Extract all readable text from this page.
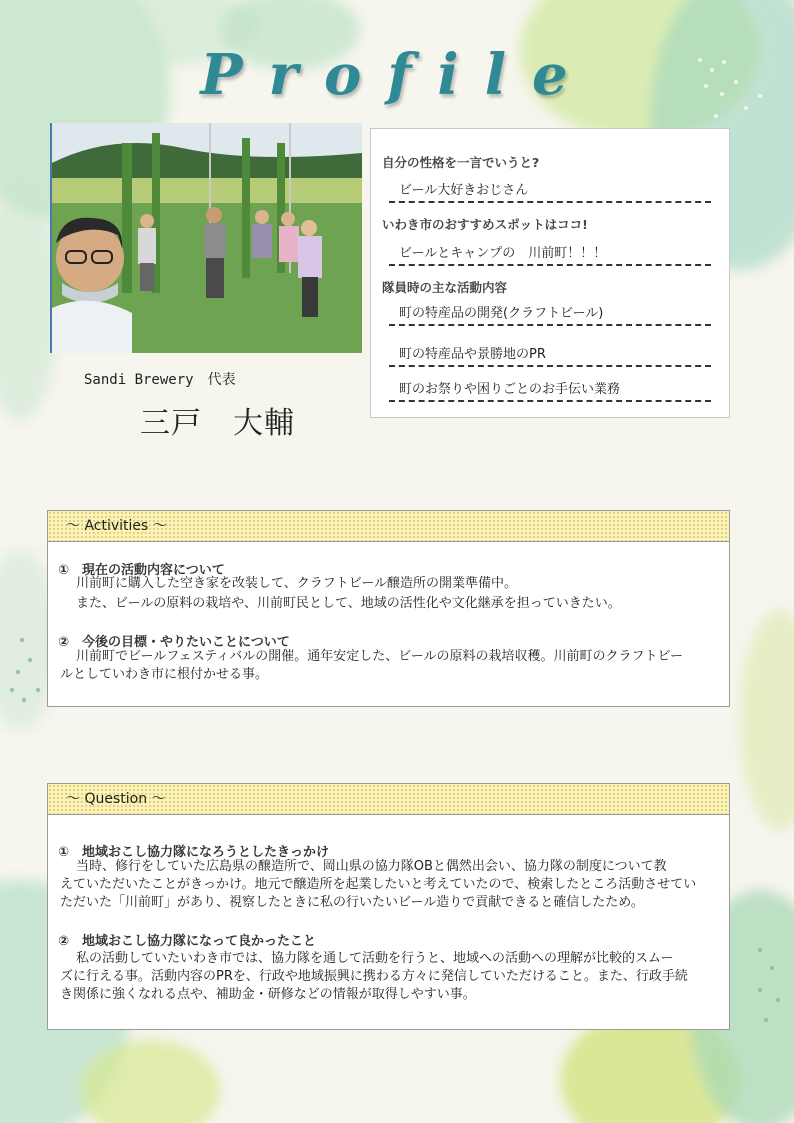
Profile
Sandi Brewery　代表
三戸　大輔
自分の性格を一言でいうと?
ビール大好きおじさん
いわき市のおすすめスポットはココ!
ビールとキャンプの　川前町！！！
隊員時の主な活動内容
町の特産品の開発(クラフトビール)
町の特産品や景勝地のPR
町のお祭りや困りごとのお手伝い業務
～ Activities ～
①　現在の活動内容について
川前町に購入した空き家を改装して、クラフトビール醸造所の開業準備中。
また、ビールの原料の栽培や、川前町民として、地域の活性化や文化継承を担っていきたい。
②　今後の目標・やりたいことについて
川前町でビールフェスティバルの開催。通年安定した、ビールの原料の栽培収穫。川前町のクラフトビー
ルとしていわき市に根付かせる事。
～ Question ～
①　地域おこし協力隊になろうとしたきっかけ
当時、修行をしていた広島県の醸造所で、岡山県の協力隊OBと偶然出会い、協力隊の制度について教
えていただいたことがきっかけ。地元で醸造所を起業したいと考えていたので、検索したところ活動させてい
ただいた「川前町」があり、視察したときに私の行いたいビール造りで貢献できると確信したため。
②　地域おこし協力隊になって良かったこと
私の活動していたいわき市では、協力隊を通して活動を行うと、地域への活動への理解が比較的スムー
ズに行える事。活動内容のPRを、行政や地域振興に携わる方々に発信していただけること。また、行政手続
き関係に強くなれる点や、補助金・研修などの情報が取得しやすい事。
